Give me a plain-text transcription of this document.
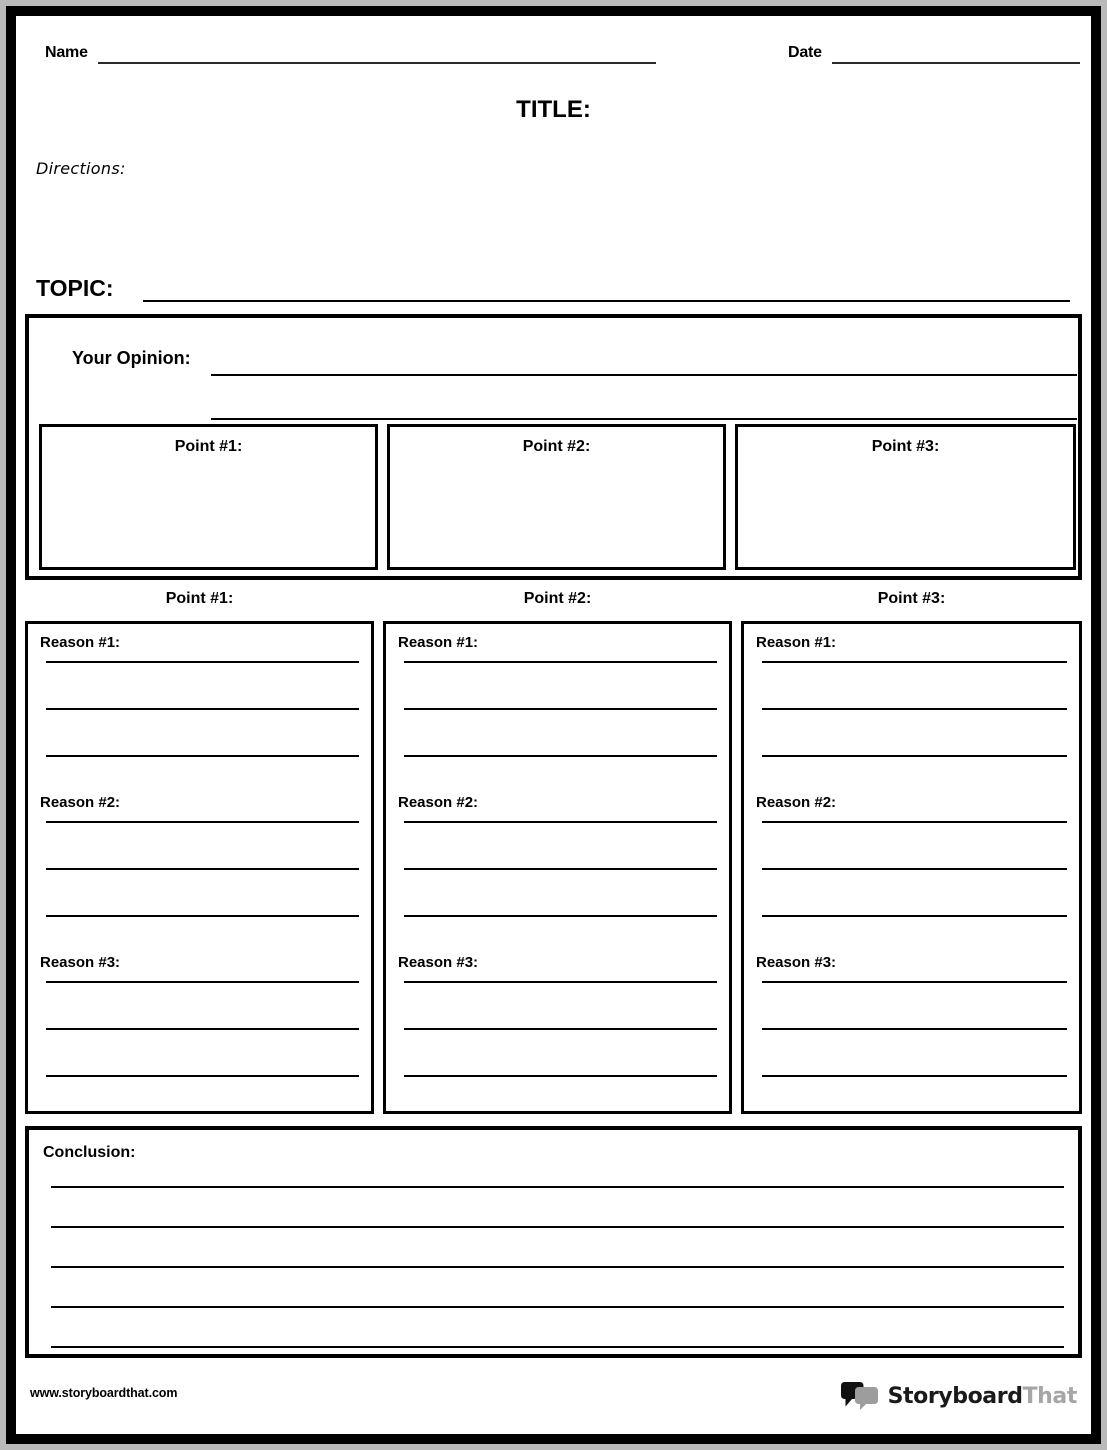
Name	Date
TITLE:
Directions:
TOPIC:
Your Opinion:
Point #1:	Point #2:	Point #3:
Point #1:	Point #2:	Point #3:
Reason #1:
Reason #2:
Reason #3:
Reason #1:
Reason #2:
Reason #3:
Reason #1:
Reason #2:
Reason #3:
Conclusion:
www.storyboardthat.com	StoryboardThat
